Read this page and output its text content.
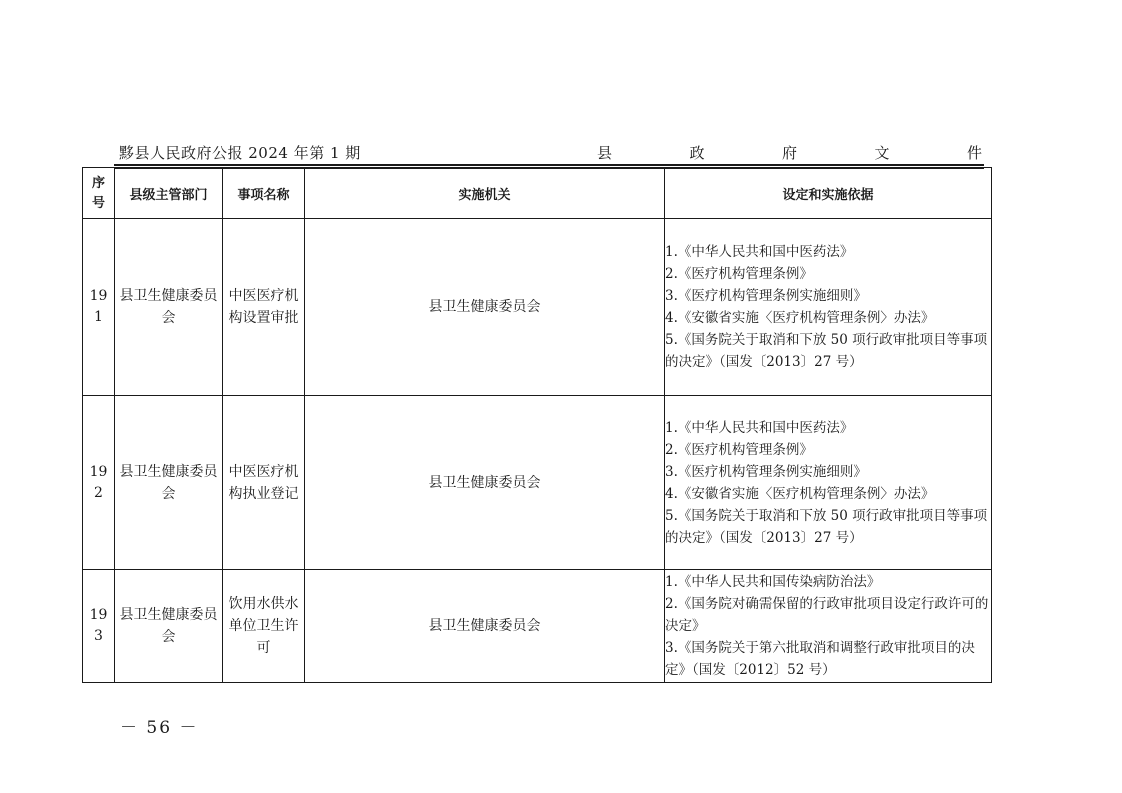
黟县人民政府公报 2024 年第 1 期	县	政	府	文	件
序
号	县级主管部门	事项名称	实施机关	设定和实施依据
19
1	县卫生健康委员会	中医医疗机构设置审批	县卫生健康委员会	1.《中华人民共和国中医药法》
2.《医疗机构管理条例》
3.《医疗机构管理条例实施细则》
4.《安徽省实施〈医疗机构管理条例〉办法》
5.《国务院关于取消和下放 50 项行政审批项目等事项的决定》（国发〔2013〕27 号）

19
2	县卫生健康委员会	中医医疗机构执业登记	县卫生健康委员会	1.《中华人民共和国中医药法》
2.《医疗机构管理条例》
3.《医疗机构管理条例实施细则》
4.《安徽省实施〈医疗机构管理条例〉办法》
5.《国务院关于取消和下放 50 项行政审批项目等事项的决定》（国发〔2013〕27 号）

19
3	县卫生健康委员会	饮用水供水单位卫生许可	县卫生健康委员会	1.《中华人民共和国传染病防治法》
2.《国务院对确需保留的行政审批项目设定行政许可的决定》
3.《国务院关于第六批取消和调整行政审批项目的决定》（国发〔2012〕52 号）
－ 56 －
